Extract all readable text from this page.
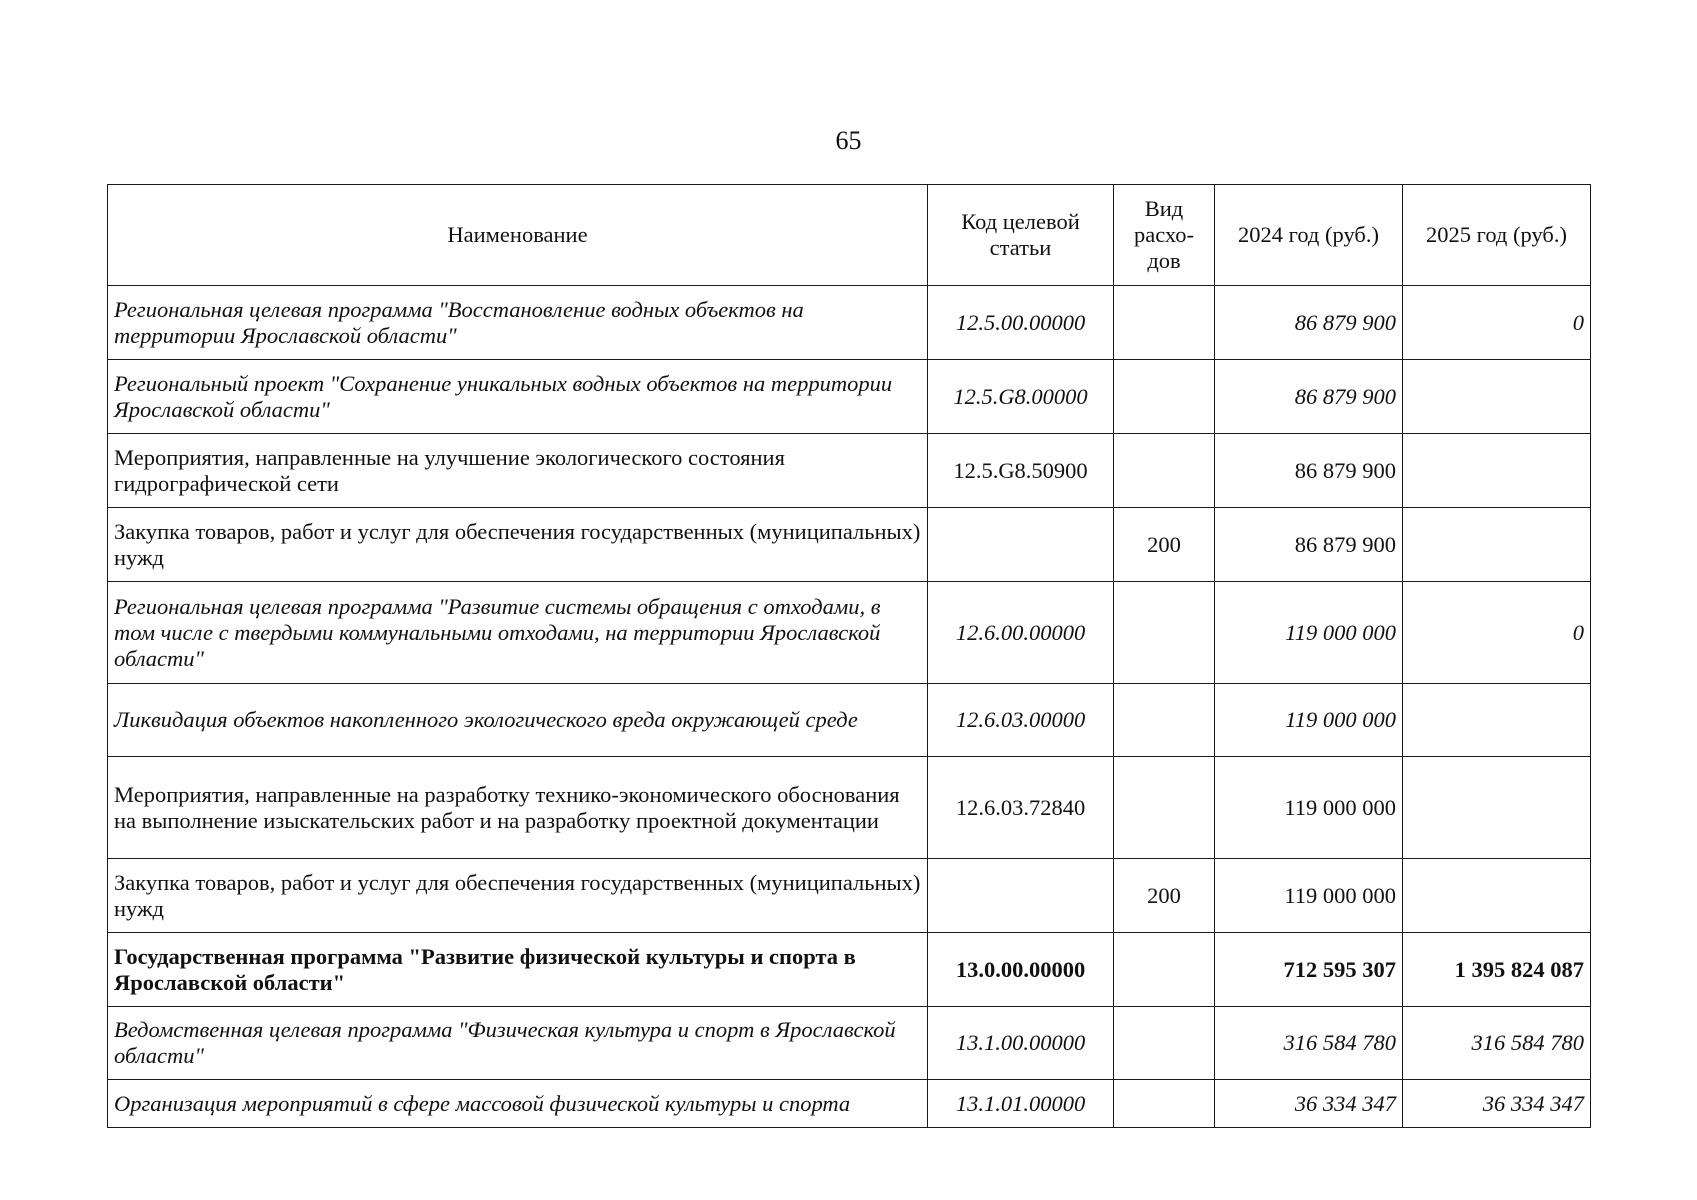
65
Наименование	Код целевой статьи	Вид расхо-дов	2024 год (руб.)	2025 год (руб.)
Региональная целевая программа "Восстановление водных объектов на территории Ярославской области"	12.5.00.00000		86 879 900	0
Региональный проект "Сохранение уникальных водных объектов на территории Ярославской области"	12.5.G8.00000		86 879 900	
Мероприятия, направленные на улучшение экологического состояния гидрографической сети	12.5.G8.50900		86 879 900	
Закупка товаров, работ и услуг для обеспечения государственных (муниципальных) нужд		200	86 879 900	
Региональная целевая программа "Развитие системы обращения с отходами, в том числе с твердыми коммунальными отходами, на территории Ярославской области"	12.6.00.00000		119 000 000	0
Ликвидация объектов накопленного экологического вреда окружающей среде	12.6.03.00000		119 000 000	
Мероприятия, направленные на разработку технико-экономического обоснования на выполнение изыскательских работ и на разработку проектной документации	12.6.03.72840		119 000 000	
Закупка товаров, работ и услуг для обеспечения государственных (муниципальных) нужд		200	119 000 000	
Государственная программа "Развитие физической культуры и спорта в Ярославской области"	13.0.00.00000		712 595 307	1 395 824 087
Ведомственная целевая программа "Физическая культура и спорт в Ярославской области"	13.1.00.00000		316 584 780	316 584 780
Организация мероприятий в сфере массовой физической культуры и спорта	13.1.01.00000		36 334 347	36 334 347
